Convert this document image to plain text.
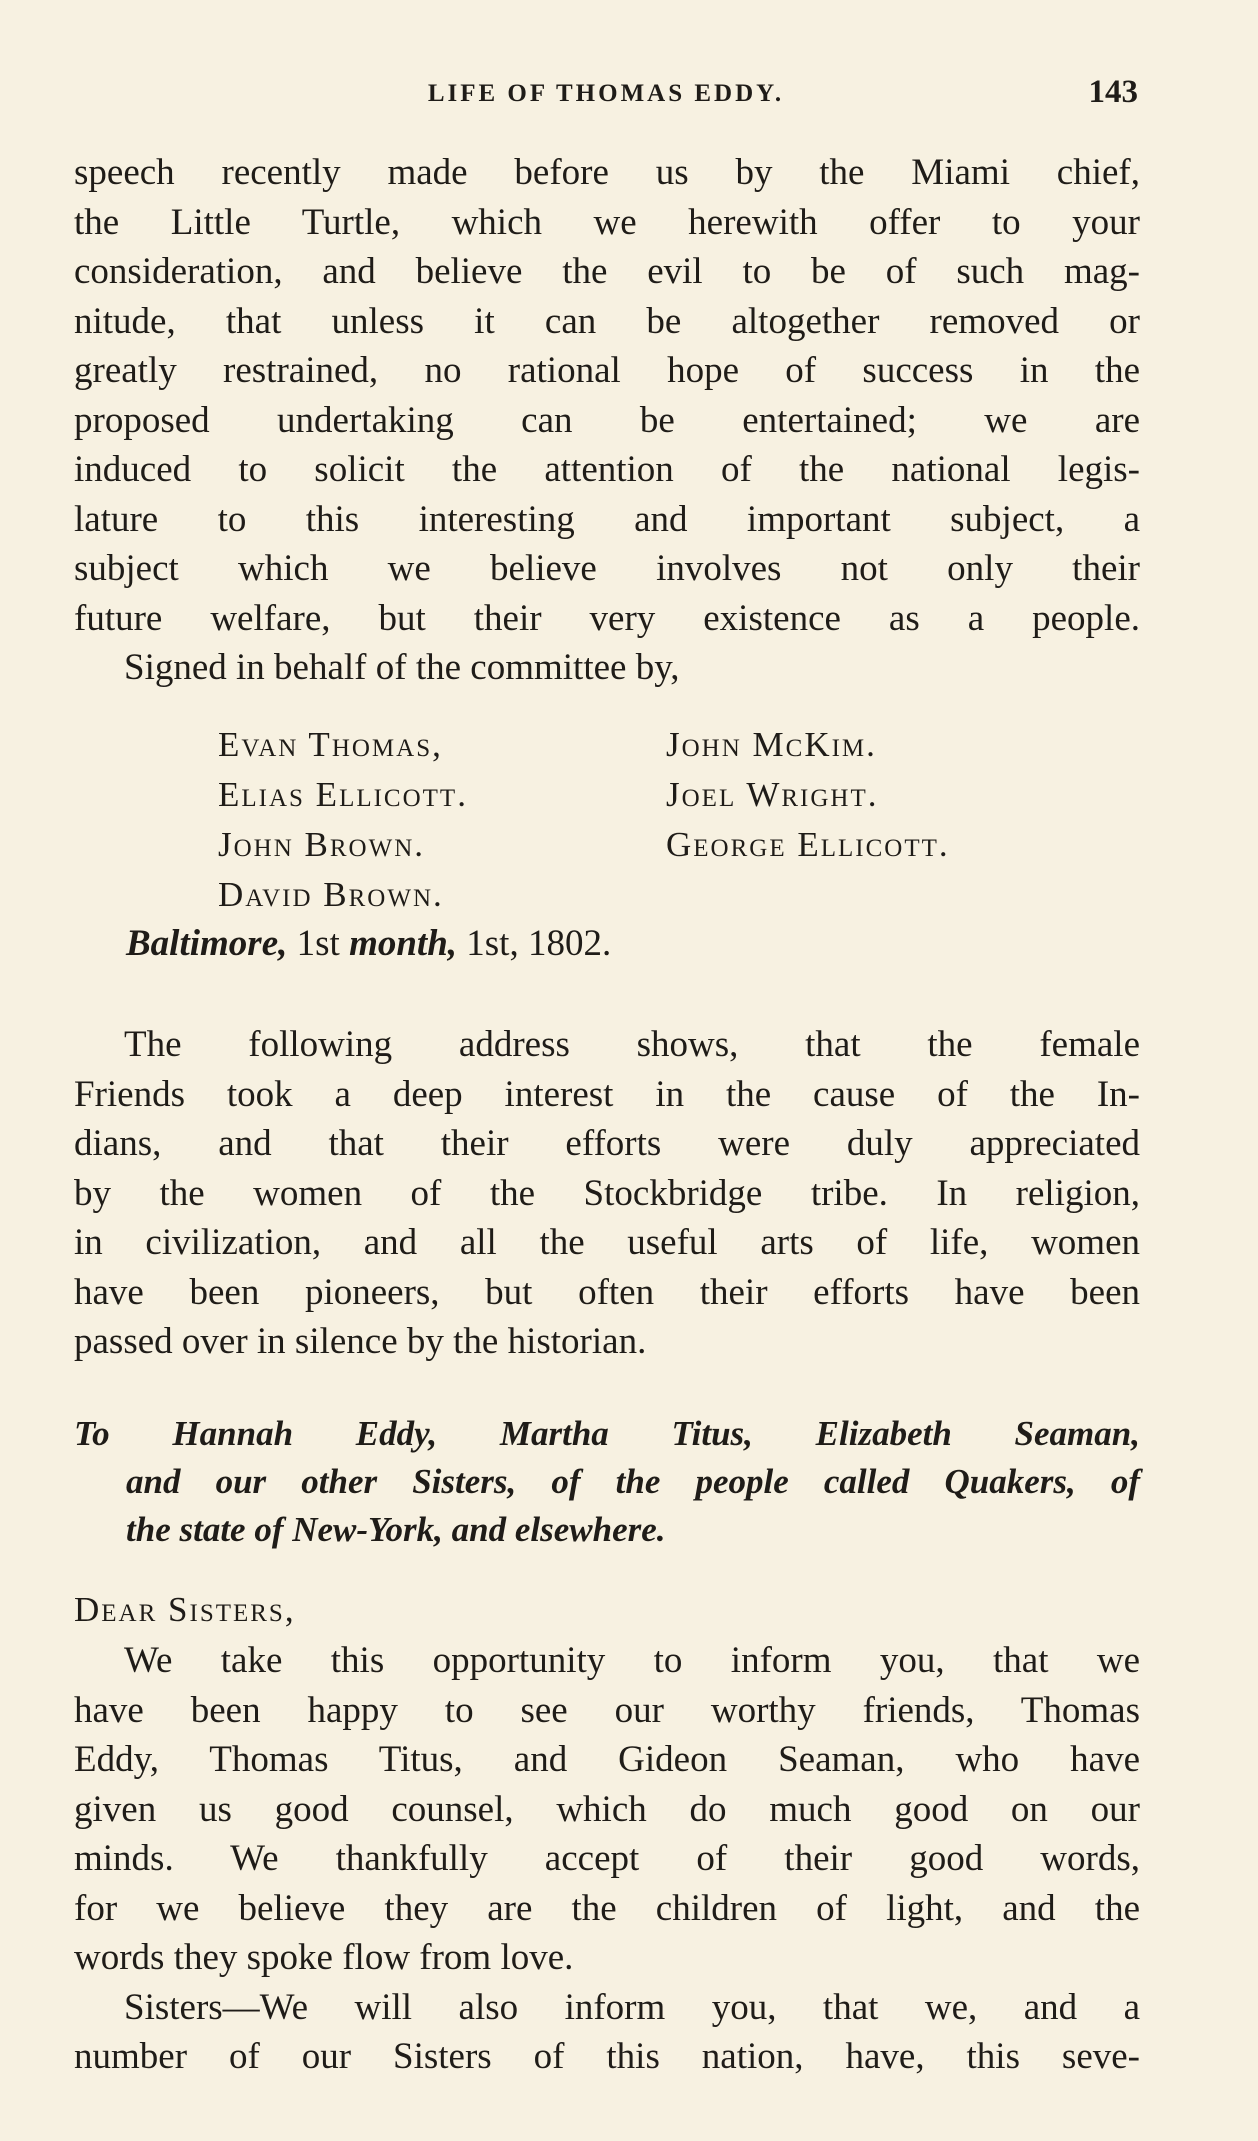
LIFE OF THOMAS EDDY.	143
speech recently made before us by the Miami chief,
the Little Turtle, which we herewith offer to your
consideration, and believe the evil to be of such mag-
nitude, that unless it can be altogether removed or
greatly restrained, no rational hope of success in the
proposed undertaking can be entertained; we are
induced to solicit the attention of the national legis-
lature to this interesting and important subject, a
subject which we believe involves not only their
future welfare, but their very existence as a people.
Signed in behalf of the committee by,
Evan Thomas,
Elias Ellicott.
John Brown.
David Brown.
John McKim.
Joel Wright.
George Ellicott.
Baltimore, 1st month, 1st, 1802.
The following address shows, that the female
Friends took a deep interest in the cause of the In-
dians, and that their efforts were duly appreciated
by the women of the Stockbridge tribe. In religion,
in civilization, and all the useful arts of life, women
have been pioneers, but often their efforts have been
passed over in silence by the historian.
To Hannah Eddy, Martha Titus, Elizabeth Seaman,
and our other Sisters, of the people called Quakers, of
the state of New-York, and elsewhere.
Dear Sisters,
We take this opportunity to inform you, that we
have been happy to see our worthy friends, Thomas
Eddy, Thomas Titus, and Gideon Seaman, who have
given us good counsel, which do much good on our
minds. We thankfully accept of their good words,
for we believe they are the children of light, and the
words they spoke flow from love.
Sisters—We will also inform you, that we, and a
number of our Sisters of this nation, have, this seve-
